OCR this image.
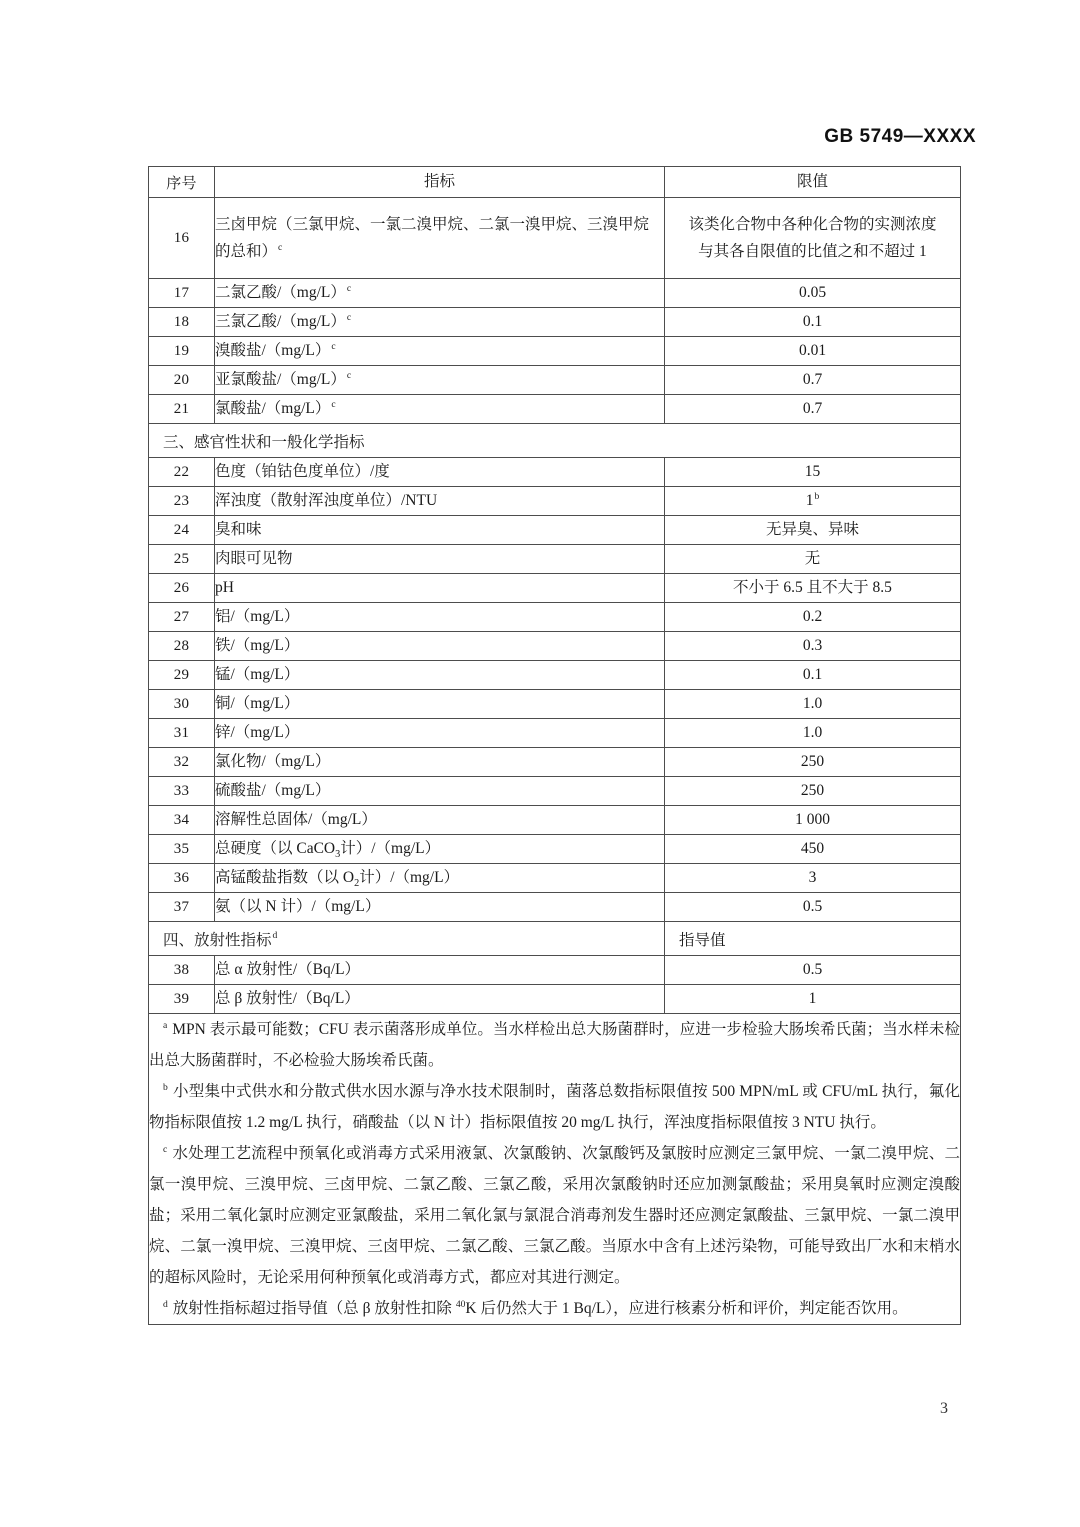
GB 5749—XXXX
序号	指标	限值
16	三卤甲烷（三氯甲烷、一氯二溴甲烷、二氯一溴甲烷、三溴甲烷的总和）$^c$	该类化合物中各种化合物的实测浓度
与其各自限值的比值之和不超过 1

17	二氯乙酸$/(mg/L)^c$	0.05
18	三氯乙酸$/(mg/L)^c$	0.1
19	溴酸盐$/(mg/L)^c$	0.01
20	亚氯酸盐$/(mg/L)^c$	0.7
21	氯酸盐$/(mg/L)^c$	0.7
三、感官性状和一般化学指标		
22	色度（铂钴色度单位）/度	15
23	浑浊度（散射浑浊度单位）/NTU	1$^b$
24	臭和味	无异臭、异味
25	肉眼可见物	无
26	pH	不小于 6.5 且不大于 8.5
27	铝/（mg/L）	0.2
28	铁/（mg/L）	0.3
29	锰/（mg/L）	0.1
30	铜/（mg/L）	1.0
31	锌/（mg/L）	1.0
32	氯化物/（mg/L）	250
33	硫酸盐/（mg/L）	250
34	溶解性总固体/（mg/L）	1 000
35	总硬度（以 CaCO$_3$计）/（mg/L）	450
36	高锰酸盐指数（以 $O_2$计）/（mg/L）	3
37	氨（以 N 计）/（mg/L）	0.5
四、放射性指标$^d$		指导值
38	总 α 放射性/（Bq/L）	0.5
39	总 β 放射性/（Bq/L）	1

$^a$ MPN 表示最可能数；CFU 表示菌落形成单位。当水样检出总大肠菌群时，应进一步检验大肠埃希氏菌；当水样未检出总大肠菌群时，不必检验大肠埃希氏菌。

$^b$ 小型集中式供水和分散式供水因水源与净水技术限制时，菌落总数指标限值按 500 MPN/mL 或 CFU/mL 执行，氟化物指标限值按 1.2 mg/L 执行，硝酸盐（以 N 计）指标限值按 20 mg/L 执行，浑浊度指标限值按 3 NTU 执行。

$^c$ 水处理工艺流程中预氧化或消毒方式采用液氯、次氯酸钠、次氯酸钙及氯胺时应测定三氯甲烷、一氯二溴甲烷、二氯一溴甲烷、三溴甲烷、三卤甲烷、二氯乙酸、三氯乙酸，采用次氯酸钠时还应加测氯酸盐；采用臭氧时应测定溴酸盐；采用二氧化氯时应测定亚氯酸盐，采用二氧化氯与氯混合消毒剂发生器时还应测定氯酸盐、三氯甲烷、一氯二溴甲烷、二氯一溴甲烷、三溴甲烷、三卤甲烷、二氯乙酸、三氯乙酸。当原水中含有上述污染物，可能导致出厂水和末梢水的超标风险时，无论采用何种预氧化或消毒方式，都应对其进行测定。

$^d$ 放射性指标超过指导值（总 β 放射性扣除 $^{40}$K 后仍然大于 1 Bq/L），应进行核素分析和评价，判定能否饮用。		

3
